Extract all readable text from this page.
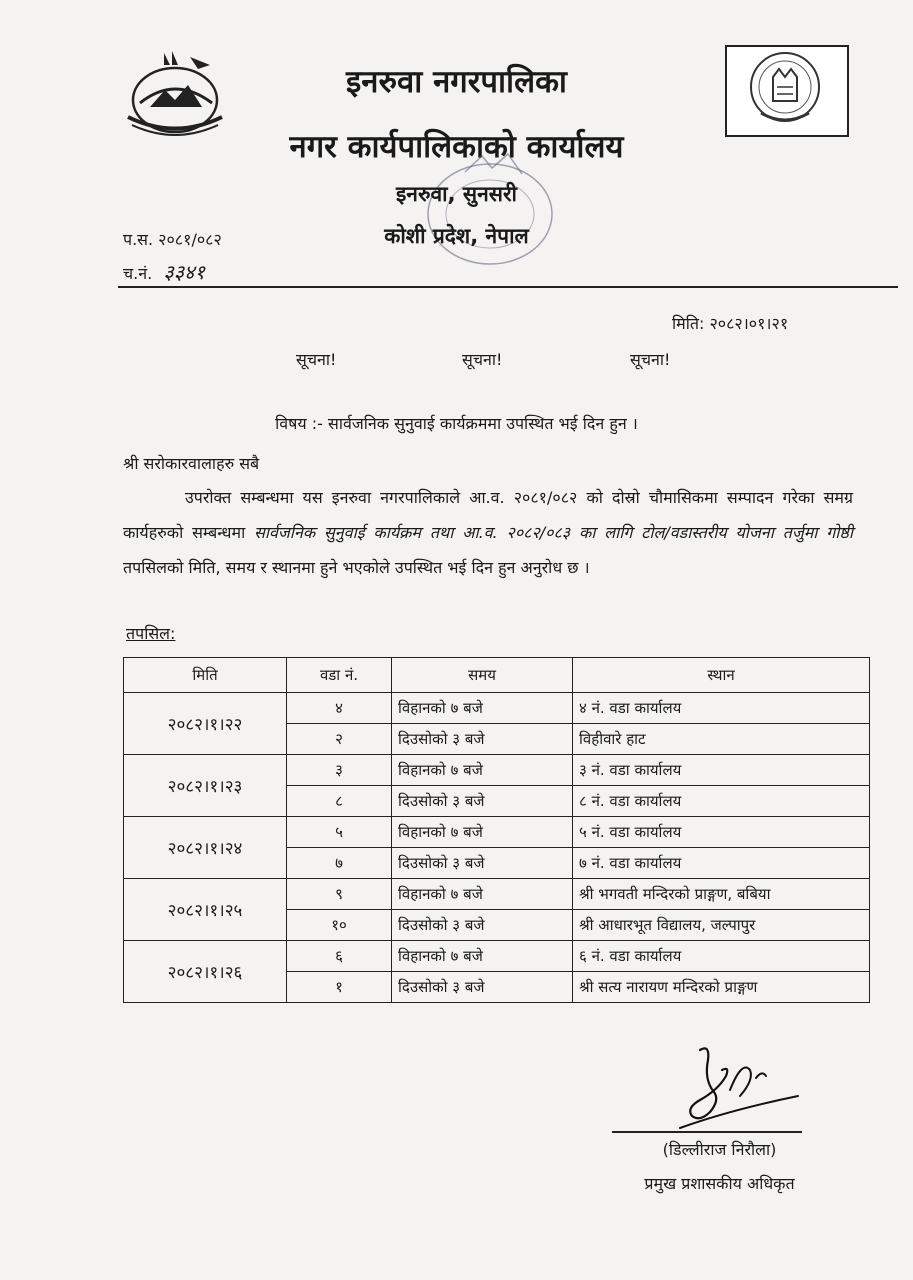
इनरुवा नगरपालिका
नगर कार्यपालिकाको कार्यालय
इनरुवा, सुनसरी
कोशी प्रदेश, नेपाल
प.स. २०८१/०८२
च.नं. ३३४१
मिति: २०८२।०१।२१
सूचना!	सूचना!	सूचना!
विषय :- सार्वजनिक सुनुवाई कार्यक्रममा उपस्थित भई दिन हुन ।
श्री सरोकारवालाहरु सबै
उपरोक्त सम्बन्धमा यस इनरुवा नगरपालिकाले आ.व. २०८१/०८२ को दोस्रो चौमासिकमा सम्पादन गरेका समग्र कार्यहरुको सम्बन्धमा सार्वजनिक सुनुवाई कार्यक्रम तथा आ.व. २०८२/०८३ का लागि टोल/वडास्तरीय योजना तर्जुमा गोष्ठी तपसिलको मिति, समय र स्थानमा हुने भएकोले उपस्थित भई दिन हुन अनुरोध छ ।
तपसिल:
मिति	वडा नं.	समय	स्थान
२०८२।१।२२	४	विहानको ७ बजे	४ नं. वडा कार्यालय
	२	दिउसोको ३ बजे	विहीवारे हाट
२०८२।१।२३	३	विहानको ७ बजे	३ नं. वडा कार्यालय
	८	दिउसोको ३ बजे	८ नं. वडा कार्यालय
२०८२।१।२४	५	विहानको ७ बजे	५ नं. वडा कार्यालय
	७	दिउसोको ३ बजे	७ नं. वडा कार्यालय
२०८२।१।२५	९	विहानको ७ बजे	श्री भगवती मन्दिरको प्राङ्गण, बबिया
	१०	दिउसोको ३ बजे	श्री आधारभूत विद्यालय, जल्पापुर
२०८२।१।२६	६	विहानको ७ बजे	६ नं. वडा कार्यालय
	१	दिउसोको ३ बजे	श्री सत्य नारायण मन्दिरको प्राङ्गण
(डिल्लीराज निरौला)
प्रमुख प्रशासकीय अधिकृत
